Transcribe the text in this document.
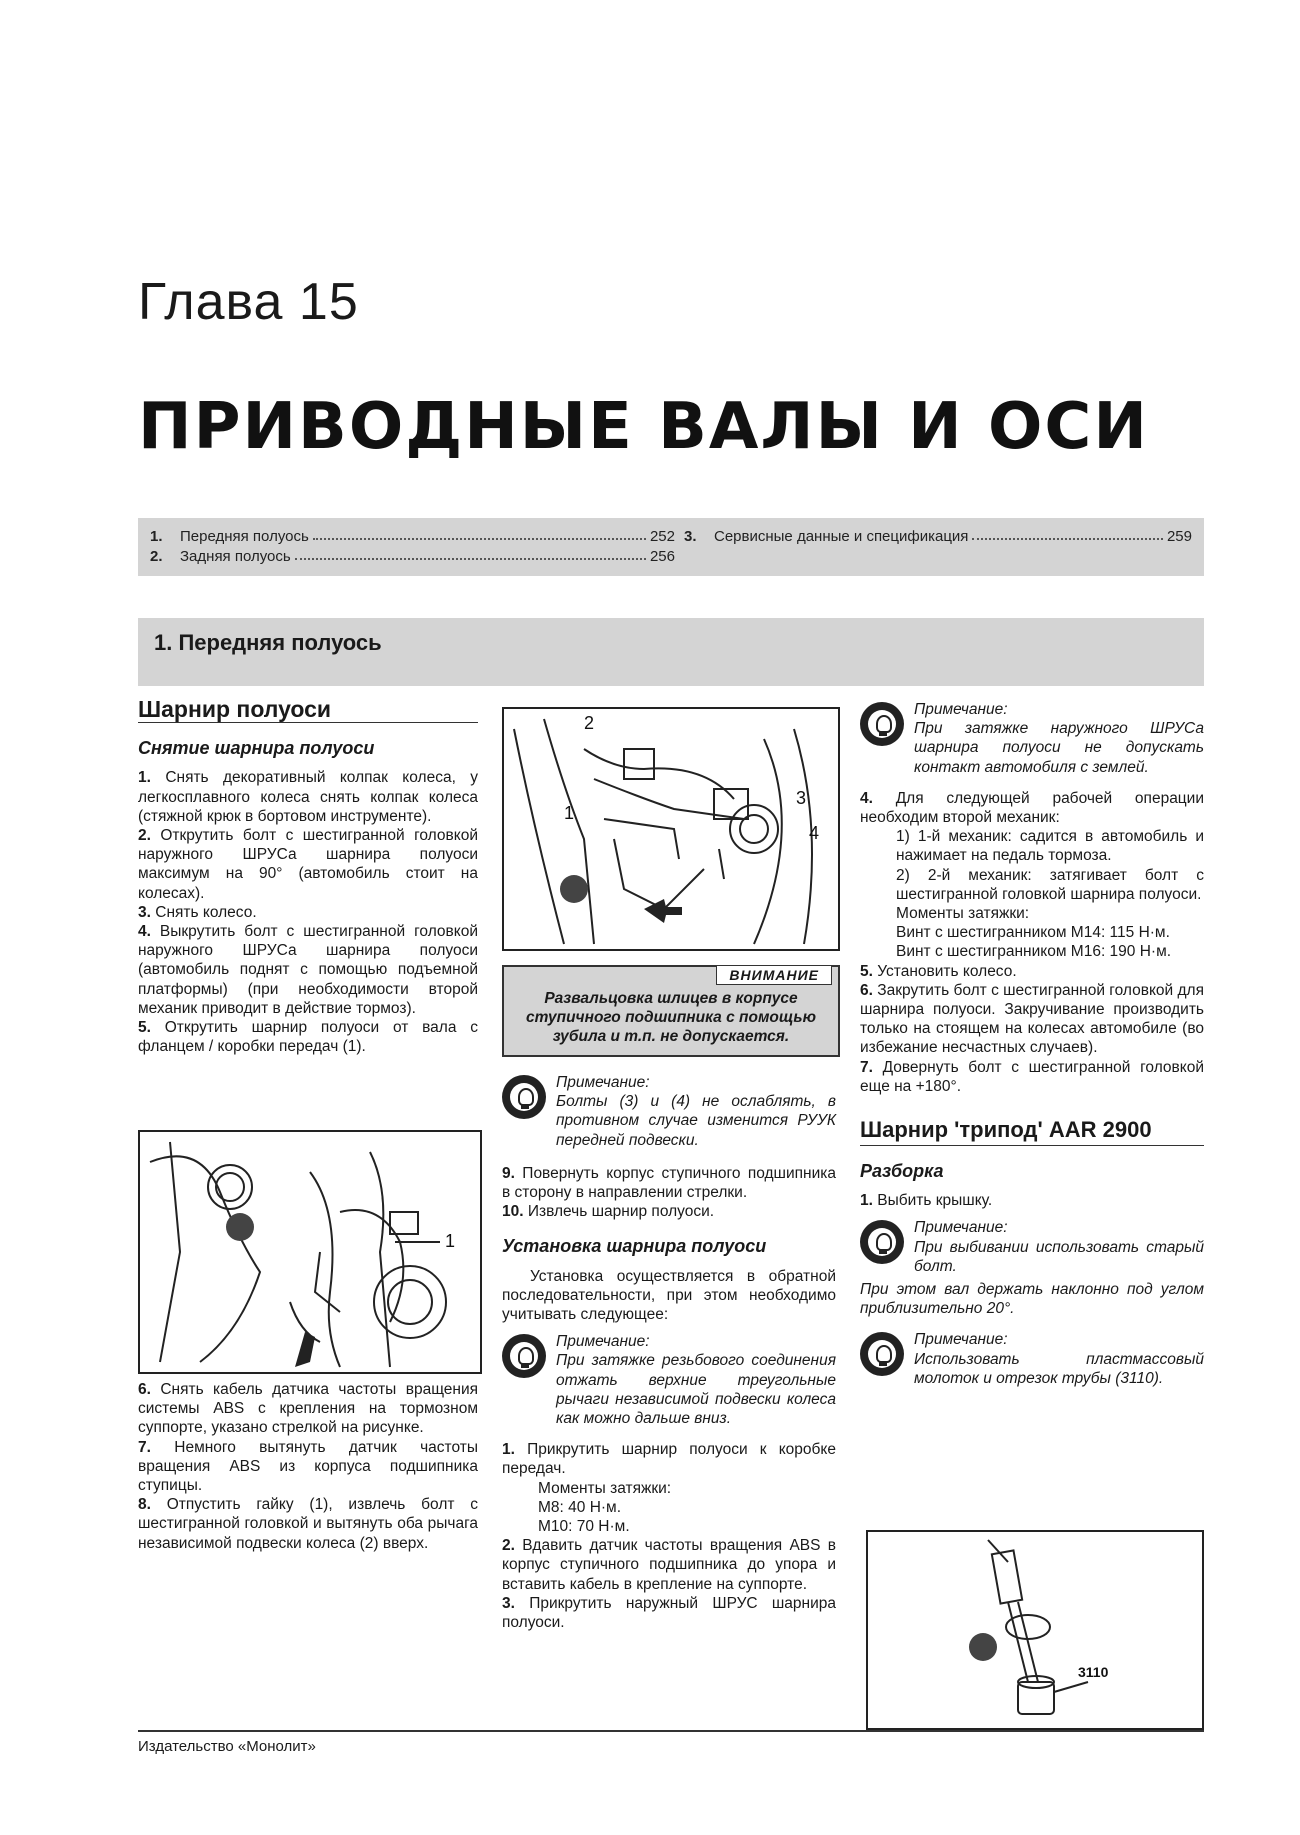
Глава 15
ПРИВОДНЫЕ ВАЛЫ И ОСИ
1.	Передняя полуось	252
2.	Задняя полуось	256
3.	Сервисные данные и спецификация	259
1. Передняя полуось
Шарнир полуоси
Снятие шарнира полуоси

1. Снять декоративный колпак колеса, у легкосплавного колеса снять колпак колеса (стяжной крюк в бортовом инструменте).

2. Открутить болт с шестигранной головкой наружного ШРУСа шарнира полуоси максимум на 90° (автомобиль стоит на колесах).

3. Снять колесо.

4. Выкрутить болт с шестигранной головкой наружного ШРУСа шарнира полуоси (автомобиль поднят с помощью подъемной платформы) (при необходимости второй механик приводит в действие тормоз).

5. Открутить шарнир полуоси от вала с фланцем / коробки передач (1).

1

6. Снять кабель датчика частоты вращения системы ABS с крепления на тормозном суппорте, указано стрелкой на рисунке.

7. Немного вытянуть датчик частоты вращения ABS из корпуса подшипника ступицы.

8. Отпустить гайку (1), извлечь болт с шестигранной головкой и вытянуть оба рычага независимой подвески колеса (2) вверх.

2
1
3
4
ВНИМАНИЕ
Развальцовка шлицев в корпусе ступичного подшипника с помощью зубила и т.п. не допускается.
Примечание:
Болты (3) и (4) не ослаблять, в противном случае изменится РУУК передней подвески.

9. Повернуть корпус ступичного подшипника в сторону в направлении стрелки.

10. Извлечь шарнир полуоси.

Установка шарнира полуоси

Установка осуществляется в обратной последовательности, при этом необходимо учитывать следующее:

Примечание:
При затяжке резьбового соединения отжать верхние треугольные рычаги независимой подвески колеса как можно дальше вниз.

1. Прикрутить шарнир полуоси к коробке передач.

Моменты затяжки:

М8: 40 Н·м.

М10: 70 Н·м.

2. Вдавить датчик частоты вращения ABS в корпус ступичного подшипника до упора и вставить кабель в крепление на суппорте.

3. Прикрутить наружный ШРУС шарнира полуоси.

Примечание:
При затяжке наружного ШРУСа шарнира полуоси не допускать контакт автомобиля с землей.

4. Для следующей рабочей операции необходим второй механик:

1) 1-й механик: садится в автомобиль и нажимает на педаль тормоза.

2) 2-й механик: затягивает болт с шестигранной головкой шарнира полуоси.

Моменты затяжки:

Винт с шестигранником М14: 115 Н·м.

Винт с шестигранником М16: 190 Н·м.

5. Установить колесо.

6. Закрутить болт с шестигранной головкой для шарнира полуоси. Закручивание производить только на стоящем на колесах автомобиле (во избежание несчастных случаев).

7. Довернуть болт с шестигранной головкой еще на +180°.

Шарнир 'трипод' AAR 2900
Разборка

1. Выбить крышку.

Примечание:
При выбивании использовать старый болт.

При этом вал держать наклонно под углом приблизительно 20°.

Примечание:
Использовать пластмассовый молоток и отрезок трубы (3110).
3110
Издательство «Монолит»
